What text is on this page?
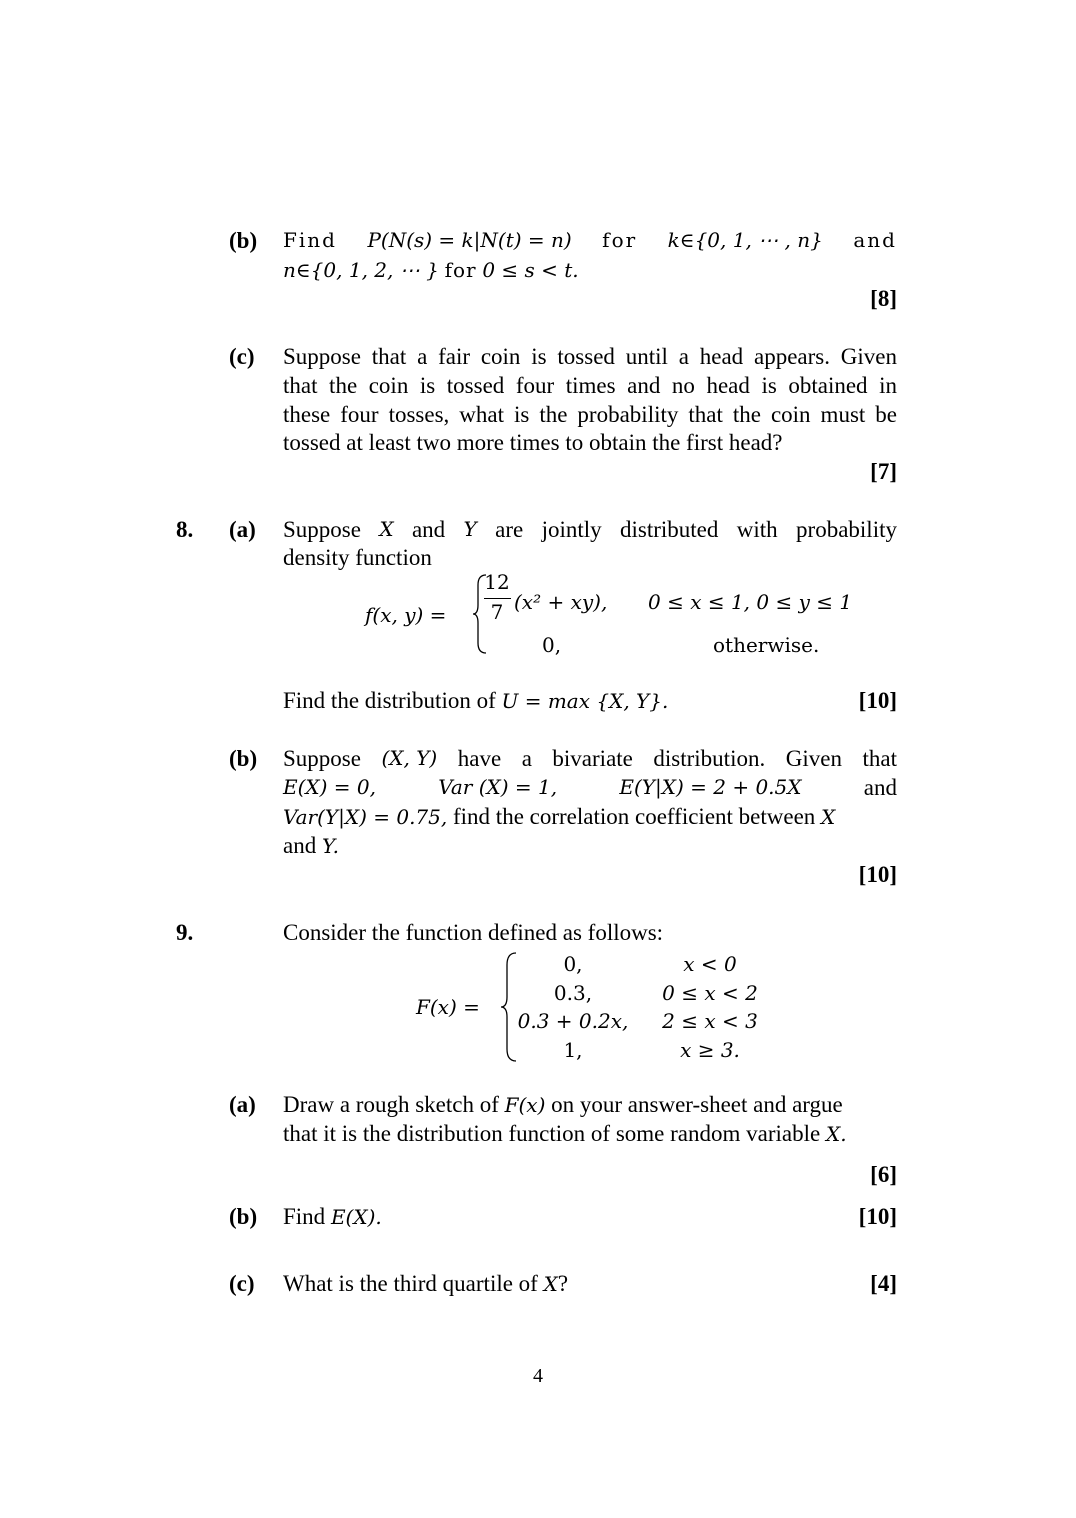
(b) Find P(N(s) = k|N(t) = n) for k∈{0, 1, ⋯ , n} and
n∈{0, 1, 2, ⋯ } for 0 ≤ s < t.
[8]
(c) Suppose that a fair coin is tossed until a head appears. Given
that the coin is tossed four times and no head is obtained in
these four tosses, what is the probability that the coin must be
tossed at least two more times to obtain the first head?
[7]
8. (a) Suppose X and Y are jointly distributed with probability
density function
f(x, y) =
12
7 (x² + xy), 0 ≤ x ≤ 1, 0 ≤ y ≤ 1
0,	otherwise.
Find the distribution of U = max {X, Y}.	[10]
(b) Suppose (X, Y) have a bivariate distribution. Given that
E(X) = 0,	Var (X) = 1,	E(Y|X) = 2 + 0.5X	and
Var(Y|X) = 0.75, find the correlation coefficient between X
and Y.
[10]
9.	Consider the function defined as follows:
F(x) =
0,	x < 0
0.3,	0 ≤ x < 2
0.3 + 0.2x,	2 ≤ x < 3
1,	x ≥ 3.
(a) Draw a rough sketch of F(x) on your answer-sheet and argue
that it is the distribution function of some random variable X.
[6]
(b) Find E(X).	[10]
(c) What is the third quartile of X?	[4]
4
